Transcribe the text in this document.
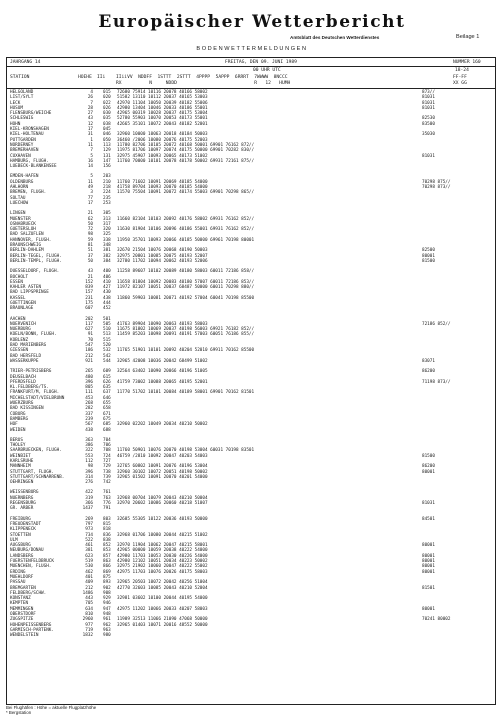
Europäischer Wetterbericht
Amtsblatt des Deutschen Wetterdienstes	Beilage 1
BODENWETTERMELDUNGEN
JAHRGANG 14	FREITAG, DEN 09. JUNI 1989	NUMMER 160
00 UHR UTC	18-24
STATION	HOEHE IIi IIiiVV  NDDFF  1STTT  2STTT  4PPPP  5APPP  6RRRT  7WWWW  8NCCC
RX          N     NDDD                            R   12   HUMH
FF-FF
XX GG
HELGOLAND	4 015 72680 75914 10116 20078 40166 58002	873//
LIST/SYLT	26 020 51582 13110 10112 20037 40165 53003	81031
LECK	7 022 42970 11104 10050 20039 40182 55006	81031
HUSUM	28 026 42980 13404 10046 20033 40186 55001	81031
FLENSBURG/WEICHE	27 030 42965 00319 10028 20037 40175 53004
SCHLESWIG	43 035 52780 55903 10070 20053 40173 55001	82530
HOHN	12 038 42665 35101 10072 20043 40182 52001	83500
KIEL-KRONSHAGEN	17 045
KIEL-HOLTENAU	31 046 32960 10000 10063 20018 40184 50003	35030
PUTTGARDEN	1 050 36460 /2006 10080 20076 40175 52003
NORDERNEY	11 113 11780 82706 10105 20072 40168 50001 69901 76162 872//
BREMERHAVEN	7 129 11975 81706 10097 20074 40175 50000 69901 70282 830//
CUXHAVEN	5 131 32975 45907 10093 20065 40173 51002	81031
HAMBURG, FLUGH.	16 147 11760 70000 10101 20078 40178 50002 69931 72161 875//
LUEBECK-BLANKENSEE	14 156
EMDEN-HAFEN	5 203
OLDENBURG	11 210 11760 71602 10091 20069 40185 54000	70298 875//
AHLHORN	49 218 41758 89704 10093 20070 40185 54000	70298 873//
BREMEN, FLUGH.	3 224 11570 75504 10091 20072 40174 55003 69901 70298 865//
SOLTAU	77 235
LUECHOW	17 253
LINGEN	21 305
MUENSTER	62 313 11660 82104 10103 20092 40176 58002 69931 76162 852//
OSNABRUECK	50 317
GUETERSLOH	72 320 11630 81904 10106 20096 40186 55001 69931 76162 852//
BAD SALZUFLEN	98 325
HANNOVER, FLUGH.	59 338 11950 35701 10093 20066 40185 50000 69961 70198 80001
BRAUNSCHWEIG	81 348
BERLIN-DAHLEM	51 381 32670 21504 10076 20068 40190 50003	82500
BERLIN-TEGEL, FLUGH.	37 382 32975 20801 10085 20075 40193 52007	80001
BERLIN-TEMPL, FLUGH.	50 384 32780 11702 10094 20062 40193 52006	81500
DUESSELDORF, FLUGH.	43 400 11258 89607 10102 20089 40180 58003 60011 72186 858//
BOCHOLT	21 406
ESSEN	152 410 11658 81804 10092 20083 40180 57007 60011 72186 853//
KAHLER ASTEN	839 427 11972 82107 10051 20037 68487 50000 60011 70298 880//
BAD LIPPSPRINGE	157 430
KASSEL	231 438 11860 59903 10081 20071 40192 57004 60041 70198 85500
GOETTINGEN	175 444
BRAUNLAGE	607 452
AACHEN	202 501
NOERVENICH	117 505 41763 89904 10090 20063 40193 58003	72186 852//
NUERBURG	627 510 11675 81802 10069 20037 40198 56003 69921 76182 852//
KOELN/BONN, FLUGH.	91 513 11459 85203 10098 20091 40191 57003 60051 76186 855//
KOBLENZ	70 515
BAD MARIENBERG	547 520
GIESSEN	186 532 11765 51901 10101 20092 40204 52010 69911 70162 85500
BAD HERSFELD	212 542
WASSERKUPPE	921 544 32965 42008 10036 20042 68499 51002	83071
TRIER-PETRISBERG	265 609 32564 63402 10090 20066 40196 51005	86200
DEUSELBACH	480 615
PFERDSFELD	396 626 41759 73002 10088 20065 40195 52001	71198 873//
KL.FELDBERG/TS.	805 635
FRANKFURT/M, FLUGH.	111 637 11770 51702 10101 20084 40189 58001 69901 70162 81501
MICHELSTADT/VIELBRUNN	453 646
WUERZBURG	268 655
BAD KISSINGEN	282 658
COBURG	337 671
BAMBERG	239 675
HOF	567 685 32960 02202 10049 20034 40210 50002
WEIDEN	438 688
BERUS	363 704
THOLEY	386 706
SAARBRUECKEN, FLUGH.	322 708 11760 50901 10076 20070 40198 53004 60031 70198 83501
WEINBIET	553 724 46759 /2810 10092 20047 40203 54003	81500
KARLSRUHE	112 727
MANNHEIM	98 729 32765 60802 10091 20076 40196 53004	86200
STUTTGART, FLUGH.	396 738 32960 30102 10072 20051 40198 50002	80001
STUTTGART/SCHNARRENB.	314 739 32965 01502 10091 20070 40201 54000
OEHRINGEN	276 742
WEISSENBURG	422 761
NUERNBERG	319 763 32968 00704 10079 20043 40210 50004
REGENSBURG	366 776 32970 20602 10086 20060 40218 51007	81031
GR. ARBER	1437 791
FREIBURG	269 803 32685 55305 10122 20036 40193 50000	84501
FREUDENSTADT	797 815
KLIPPENECK	973 818
STOETTEN	734 836 32968 01706 10080 20044 40215 51002
ULM	522 838
AUGSBURG	461 852 32970 11904 10062 20047 40215 58001	80001
NEUBURG/DONAU	381 853 42965 00000 10059 20038 40222 54000
LANDSBERG	623 857 42980 11703 10053 20030 40226 54000	80001
FUERSTENFELDBRUCK	519 863 42980 12102 10051 20034 40223 50002	80001
MUENCHEN, FLUGH.	530 866 32975 21902 10060 20047 40222 55002	80001
ERDING	462 869 42975 11703 10076 20026 40175 58003	80001
MUEHLDORF	401 875
PASSAU	409 893 32965 20503 10072 20042 40256 51004
BREMGARTEN	212 902 42770 32603 10085 20043 40210 52004	81501
FELDBERG/SCHW.	1486 908
KONSTANZ	443 929 32981 03602 10100 20044 40195 54000
KEMPTEN	705 946
MEMMINGEN	634 947 42975 11202 10066 20033 40207 58003	80001
OBERSTDORF	810 948
ZUGSPITZE	2960 961 11989 32513 11066 21090 47068 50000	70241 80002
HOHENPEISSENBERG	977 962 32965 01403 10071 20016 48552 50000
GARMISCH-PARTENK.	719 963
WENDELSTEIN	1832 980
Bei Flughäfen : Höhe = aktuelle Flugplatzhöhe
* Bergstation
